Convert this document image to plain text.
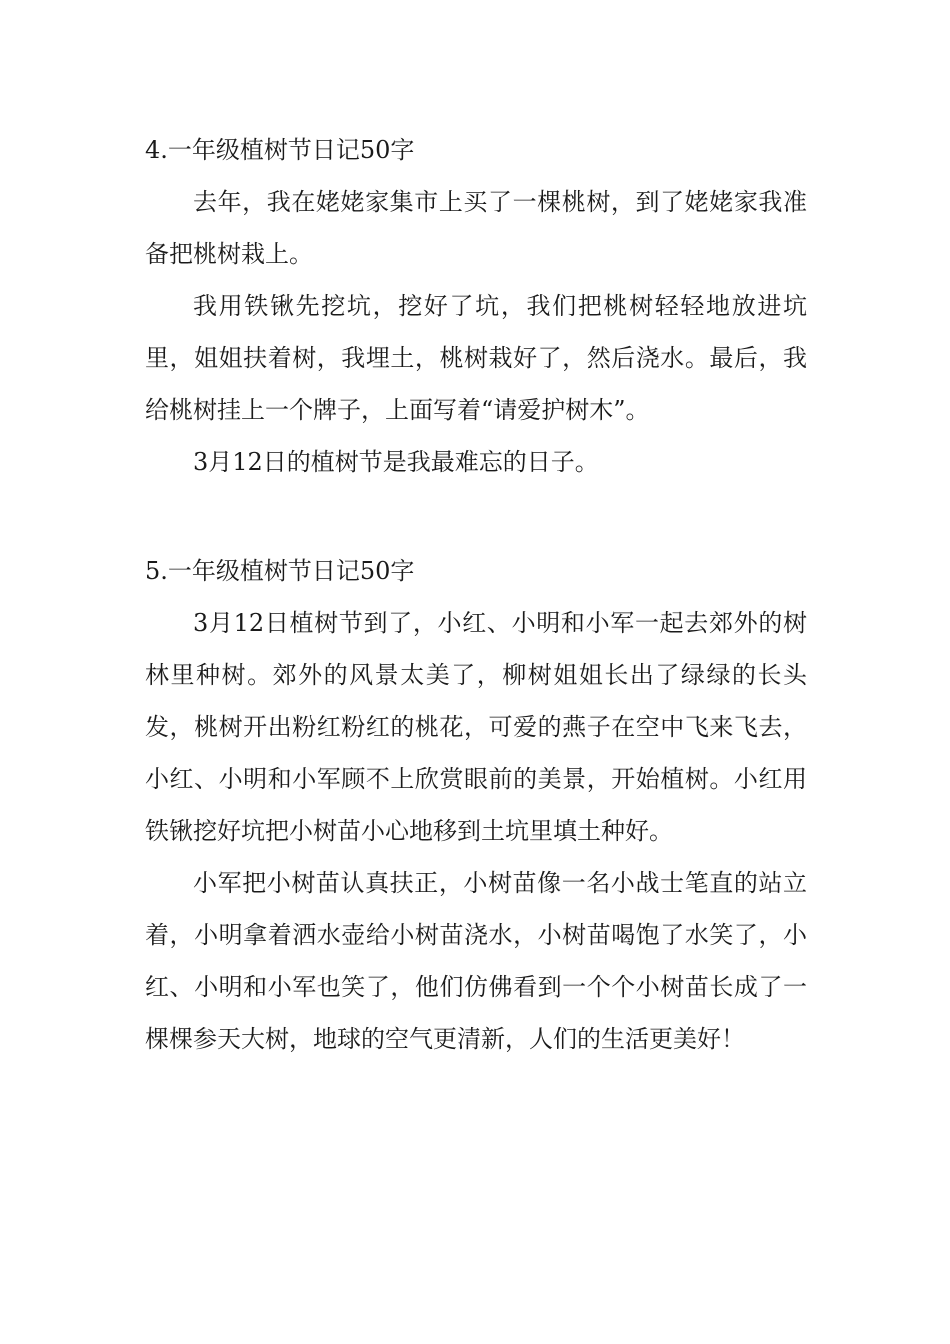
4.一年级植树节日记50字

去年，我在姥姥家集市上买了一棵桃树，到了姥姥家我准备把桃树栽上。

我用铁锹先挖坑，挖好了坑，我们把桃树轻轻地放进坑里，姐姐扶着树，我埋土，桃树栽好了，然后浇水。最后，我给桃树挂上一个牌子，上面写着“请爱护树木”。

3月12日的植树节是我最难忘的日子。

5.一年级植树节日记50字

3月12日植树节到了，小红、小明和小军一起去郊外的树林里种树。郊外的风景太美了，柳树姐姐长出了绿绿的长头发，桃树开出粉红粉红的桃花，可爱的燕子在空中飞来飞去，小红、小明和小军顾不上欣赏眼前的美景，开始植树。小红用铁锹挖好坑把小树苗小心地移到土坑里填土种好。

小军把小树苗认真扶正，小树苗像一名小战士笔直的站立着，小明拿着洒水壶给小树苗浇水，小树苗喝饱了水笑了，小红、小明和小军也笑了，他们仿佛看到一个个小树苗长成了一棵棵参天大树，地球的空气更清新，人们的生活更美好！
